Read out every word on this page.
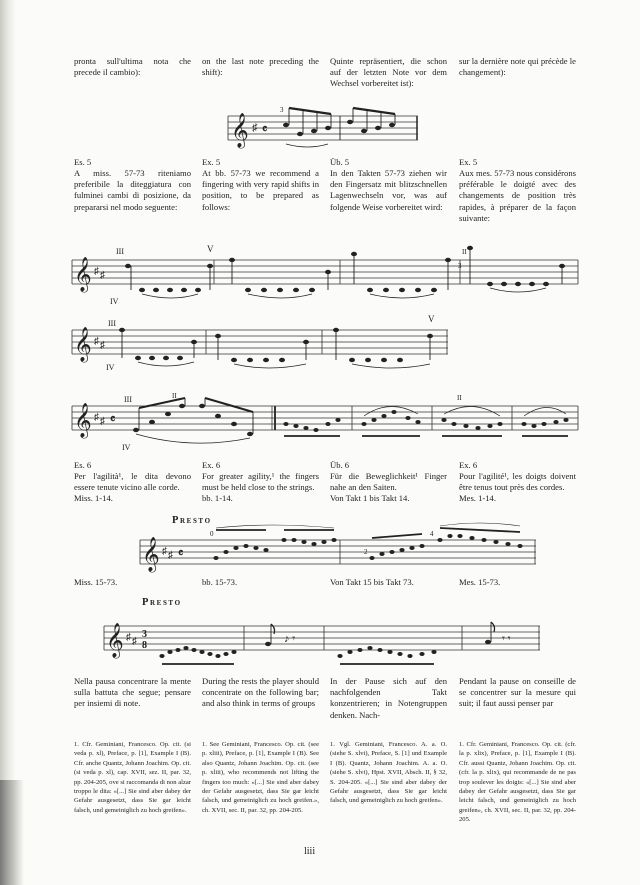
pronta sull'ultima nota che precede il cambio):
on the last note preceding the shift):
Quinte repräsentiert, die schon auf der letzten Note vor dem Wechsel vorbereitet ist):
sur la dernière note qui précède le changement):
𝄞 ♯ 𝄴
3
Es. 5
A miss. 57-73 riteniamo preferibile la diteggiatura con fulminei cambi di posizione, da prepararsi nel modo seguente:
Ex. 5
At bb. 57-73 we recommend a fingering with very rapid shifts in position, to be prepared as follows:
Üb. 5
In den Takten 57-73 ziehen wir den Fingersatz mit blitzschnellen Lagenwechseln vor, was auf folgende Weise vorbereitet wird:
Ex. 5
Aux mes. 57-73 nous considérons préférable le doigté avec des changements de position très rapides, à préparer de la façon suivante:
𝄞 ♯ ♯
III
IV
V	II
3
𝄞 ♯ ♯
III
IV
V
𝄞 ♯ ♯ 𝄴
III
IV
II	II
Es. 6
Per l'agilità¹, le dita devono essere tenute vicino alle corde.
Miss. 1-14.
Ex. 6
For greater agility,¹ the fingers must be held close to the strings.
bb. 1-14.
Üb. 6
Für die Beweglichkeit¹ Finger nahe an den Saiten.
Von Takt 1 bis Takt 14.
Ex. 6
Pour l'agilité¹, les doigts doivent être tenus tout près des cordes.
Mes. 1-14.
Presto
𝄞 ♯ ♯ 𝄴
0
2
4
Miss. 15-73.	bb. 15-73.	Von Takt 15 bis Takt 73.	Mes. 15-73.
Presto
𝄞 ♯ ♯
3
8
♪ 𝄾	𝄾 𝄾
Nella pausa concentrare la mente sulla battuta che segue; pensare per insiemi di note.
During the rests the player should concentrate on the following bar; and also think in terms of groups
In der Pause sich auf den nachfolgenden Takt konzentrieren; in Notengruppen denken. Nach-
Pendant la pause on conseille de se concentrer sur la mesure qui suit; il faut aussi penser par
1. Cfr. Geminiani, Francesco. Op. cit. (si veda p. xl), Preface, p. [1], Example I (B). Cfr. anche Quantz, Johann Joachim. Op. cit. (si veda p. xl), cap. XVII, sez. II, par. 32, pp. 204-205, ove si raccomanda di non alzar troppo le dita: «[...] Sie sind aber dabey der Gefahr ausgesetzt, dass Sie gar leicht falsch, und gemeiniglich zu hoch greifen».
1. See Geminiani, Francesco. Op. cit. (see p. xliii), Preface, p. [1], Example I (B). See also Quantz, Johann Joachim. Op. cit. (see p. xliii), who recommends not lifting the fingers too much: «[...] Sie sind aber dabey der Gefahr ausgesetzt, dass Sie gar leicht falsch, und gemeiniglich zu hoch greifen.», ch. XVII, sec. II, par. 32, pp. 204-205.
1. Vgl. Geminiani, Francesco. A. a. O. (siehe S. xlvi), Preface, S. [1] und Example I (B). Quantz, Johann Joachim. A. a. O. (siehe S. xlvi), Hpst. XVII, Absch. II, § 32, S. 204-205. «[...] Sie sind aber dabey der Gefahr ausgesetzt, dass Sie gar leicht falsch, und gemeiniglich zu hoch greifen».
1. Cfr. Geminiani, Francesco. Op. cit. (cfr. la p. xlix), Preface, p. [1], Example I (B). Cfr. aussi Quantz, Johann Joachim. Op. cit. (cfr. la p. xlix), qui recommande de ne pas trop soulever les doigts: «[...] Sie sind aber dabey der Gefahr ausgesetzt, dass Sie gar leicht falsch, und gemeiniglich zu hoch greifen», ch. XVII, sec. II, par. 32, pp. 204-205.
liii
